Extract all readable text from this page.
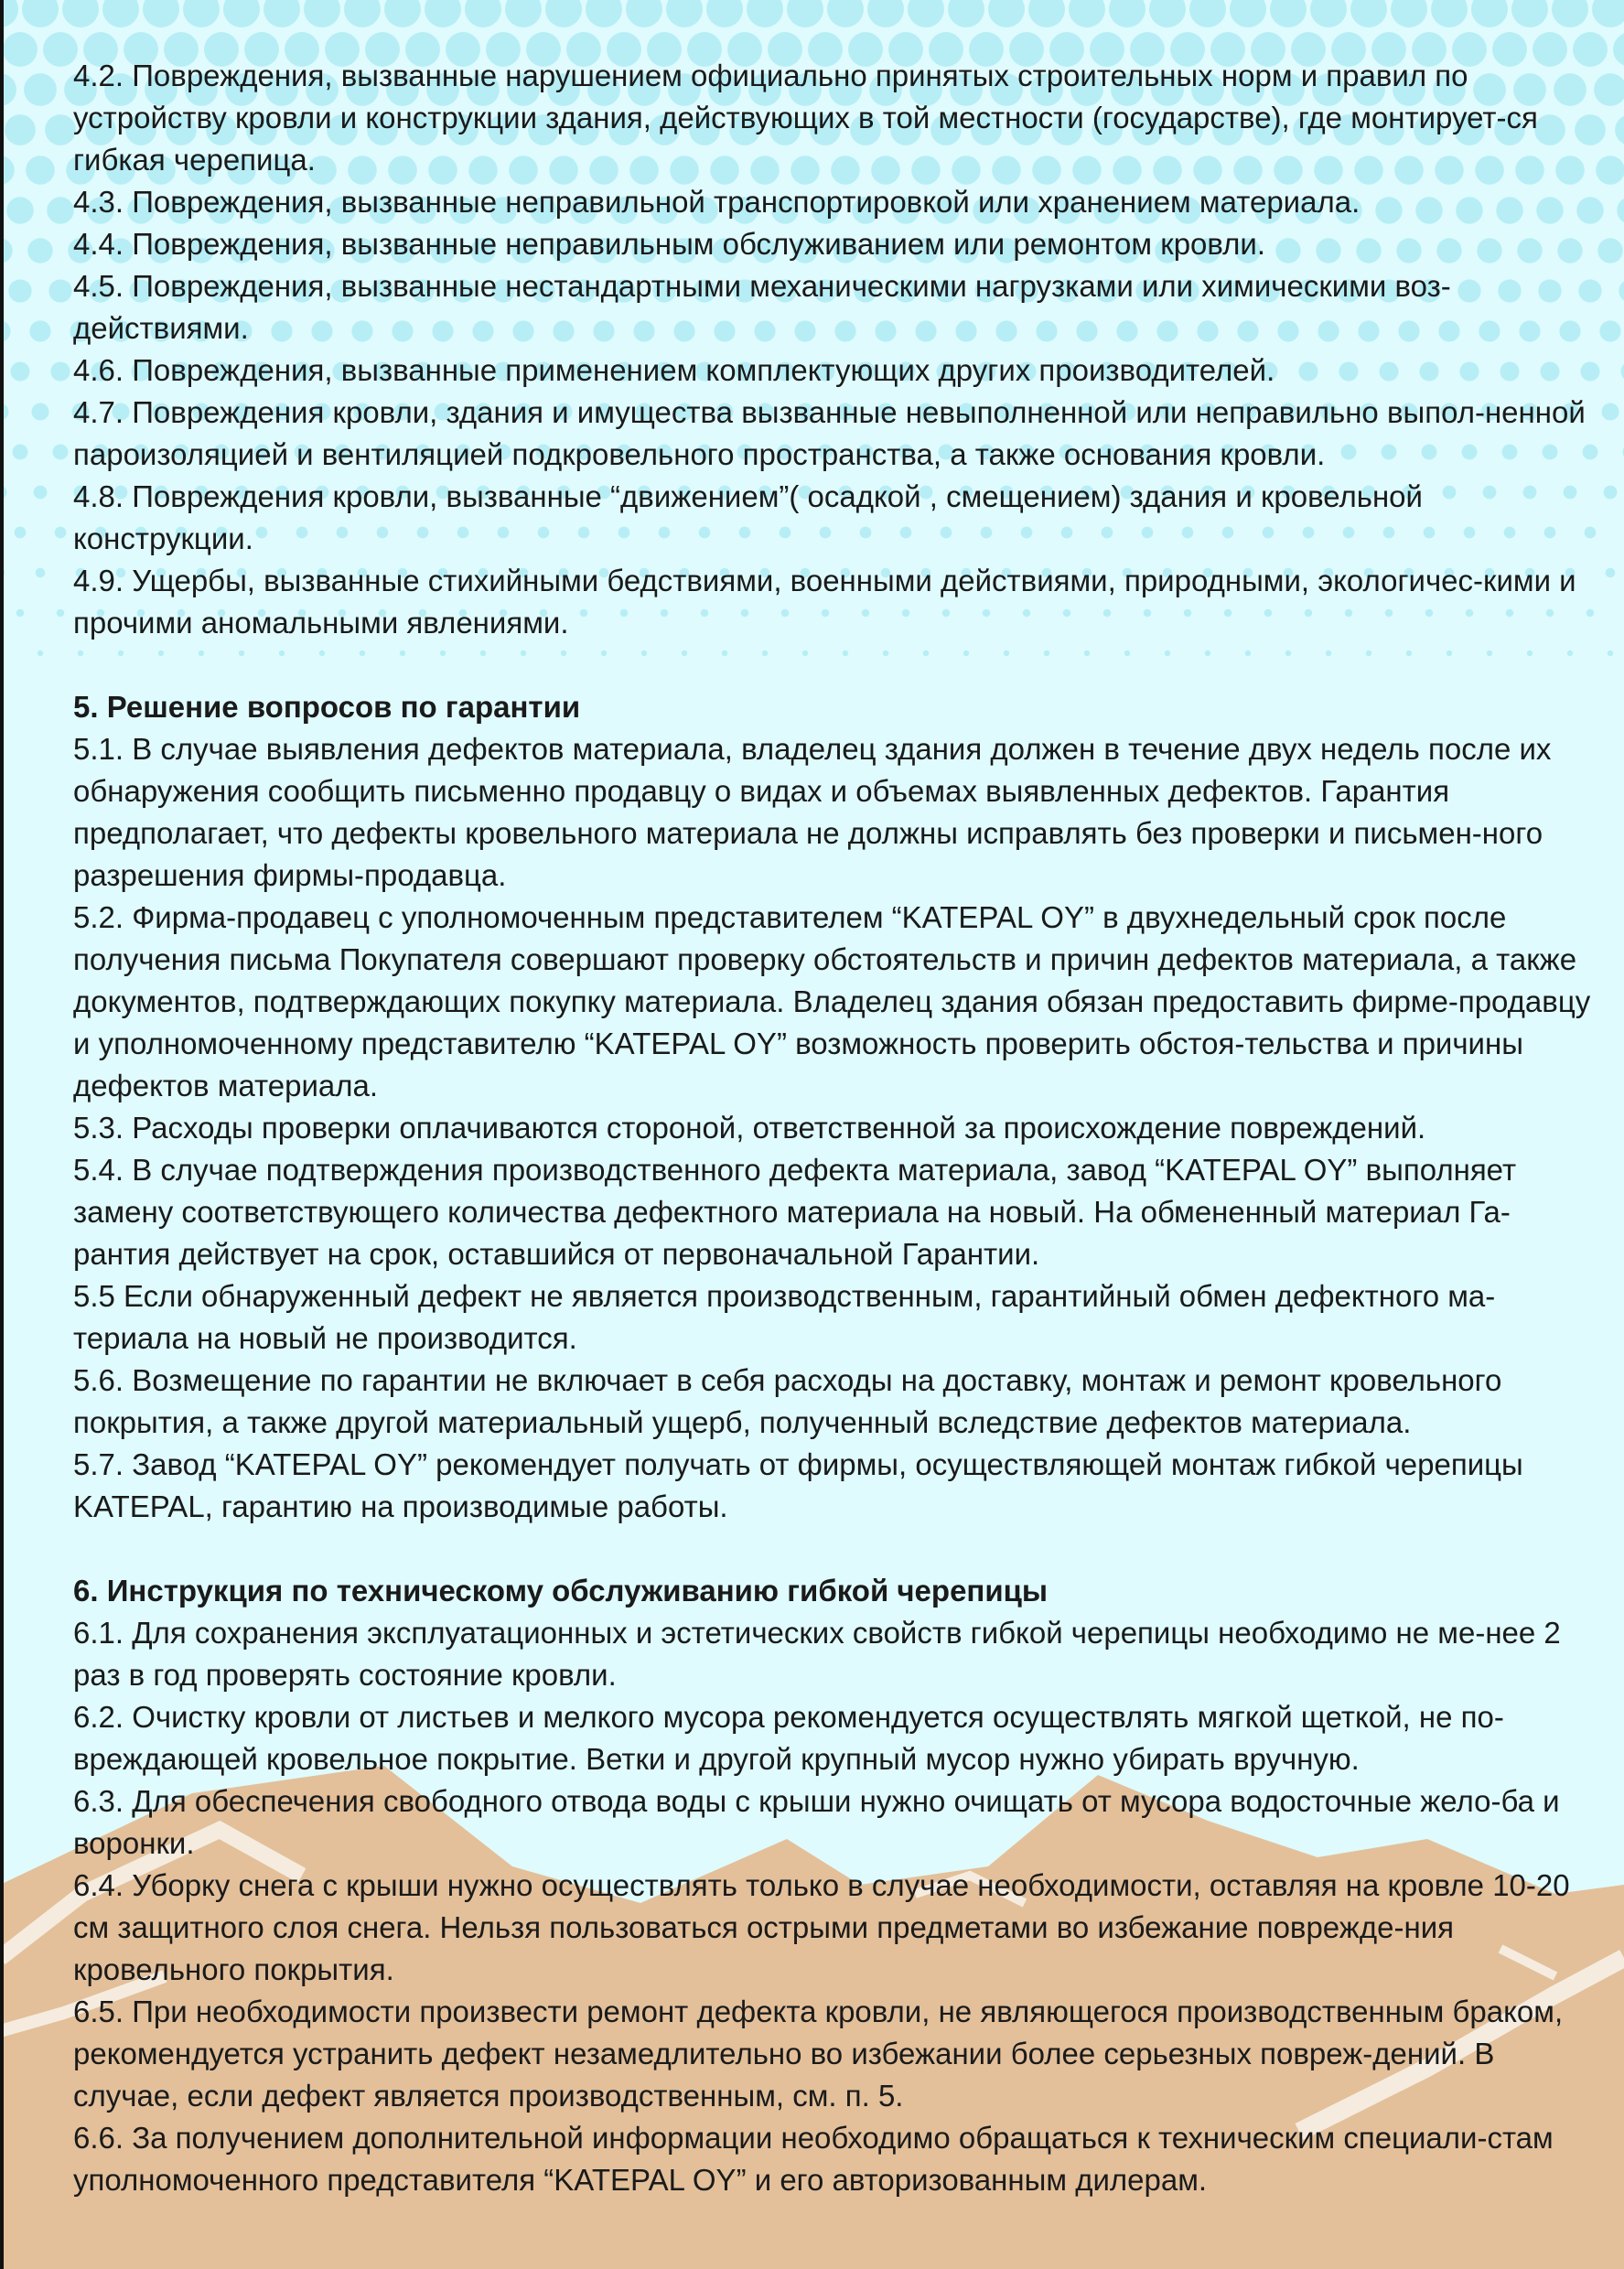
4.2. Повреждения, вызванные нарушением официально принятых строительных норм и правил по устройству кровли и конструкции здания, действующих в той местности (государстве), где монтирует-ся гибкая черепица.

4.3. Повреждения, вызванные неправильной транспортировкой или хранением материала.

4.4. Повреждения, вызванные неправильным обслуживанием или ремонтом кровли.

4.5. Повреждения, вызванные нестандартными механическими нагрузками или химическими воз-действиями.

4.6. Повреждения, вызванные применением комплектующих других производителей.

4.7. Повреждения кровли, здания и имущества вызванные невыполненной или неправильно выпол-ненной пароизоляцией и вентиляцией подкровельного пространства, а также основания кровли.

4.8. Повреждения кровли, вызванные “движением”( осадкой , смещением) здания и кровельной конструкции.

4.9. Ущербы, вызванные стихийными бедствиями, военными действиями, природными, экологичес-кими и прочими аномальными явлениями.

5. Решение вопросов по гарантии

5.1. В случае выявления дефектов материала, владелец здания должен в течение двух недель после их обнаружения сообщить письменно продавцу о видах и объемах выявленных дефектов. Гарантия предполагает, что дефекты кровельного материала не должны исправлять без проверки и письмен-ного разрешения фирмы-продавца.

5.2. Фирма-продавец с уполномоченным представителем “KATEPAL OY” в двухнедельный срок после получения письма Покупателя совершают проверку обстоятельств и причин дефектов материала, а также документов, подтверждающих покупку материала. Владелец здания обязан предоставить фирме-продавцу и уполномоченному представителю “KATEPAL OY” возможность проверить обстоя-тельства и причины дефектов материала.

5.3. Расходы проверки оплачиваются стороной, ответственной за происхождение повреждений.

5.4. В случае подтверждения производственного дефекта материала, завод “KATEPAL OY” выполняет замену соответствующего количества дефектного материала на новый. На обмененный материал Га-рантия действует на срок, оставшийся от первоначальной Гарантии.

5.5 Если обнаруженный дефект не является производственным, гарантийный обмен дефектного ма-териала на новый не производится.

5.6. Возмещение по гарантии не включает в себя расходы на доставку, монтаж и ремонт кровельного покрытия, а также другой материальный ущерб, полученный вследствие дефектов материала.

5.7. Завод “KATEPAL OY” рекомендует получать от фирмы, осуществляющей монтаж гибкой черепицы KATEPAL, гарантию на производимые работы.

6. Инструкция по техническому обслуживанию гибкой черепицы

6.1. Для сохранения эксплуатационных и эстетических свойств гибкой черепицы необходимо не ме-нее 2 раз в год проверять состояние кровли.

6.2. Очистку кровли от листьев и мелкого мусора рекомендуется осуществлять мягкой щеткой, не по-вреждающей кровельное покрытие. Ветки и другой крупный мусор нужно убирать вручную.

6.3. Для обеспечения свободного отвода воды с крыши нужно очищать от мусора водосточные жело-ба и воронки.

6.4. Уборку снега с крыши нужно осуществлять только в случае необходимости, оставляя на кровле 10-20 см защитного слоя снега. Нельзя пользоваться острыми предметами во избежание поврежде-ния кровельного покрытия.

6.5. При необходимости произвести ремонт дефекта кровли, не являющегося производственным браком, рекомендуется устранить дефект незамедлительно во избежании более серьезных повреж-дений. В случае, если дефект является производственным, см. п. 5.

6.6. За получением дополнительной информации необходимо обращаться к техническим специали-стам уполномоченного представителя “KATEPAL OY” и его авторизованным дилерам.
